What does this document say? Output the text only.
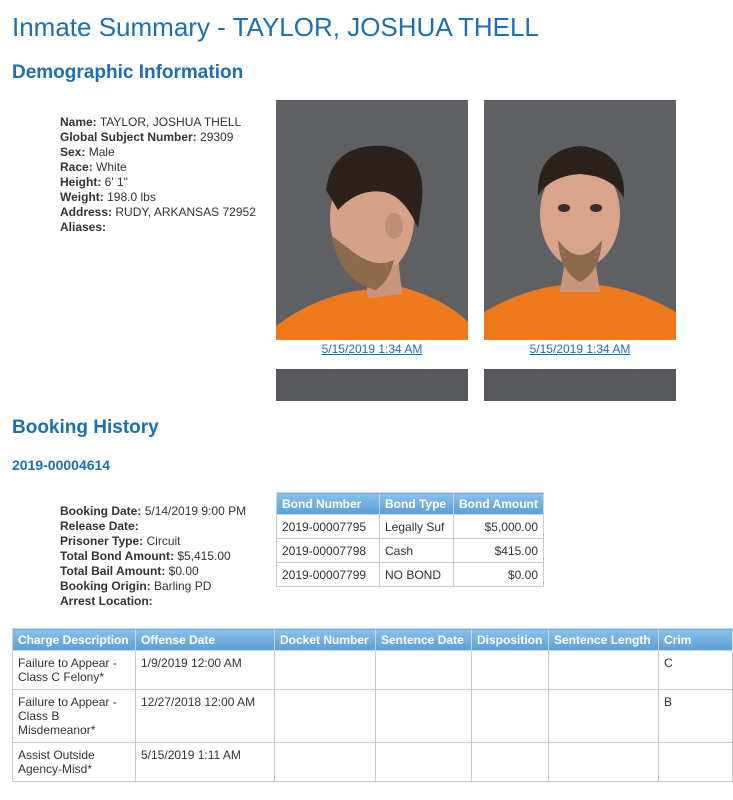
Inmate Summary - TAYLOR, JOSHUA THELL
Demographic Information
Name: TAYLOR, JOSHUA THELL
Global Subject Number: 29309
Sex: Male
Race: White
Height: 6' 1"
Weight: 198.0 lbs
Address: RUDY, ARKANSAS 72952
Aliases:
5/15/2019 1:34 AM	5/15/2019 1:34 AM
Booking History
2019-00004614
Booking Date: 5/14/2019 9:00 PM
Release Date:
Prisoner Type: Circuit
Total Bond Amount: $5,415.00
Total Bail Amount: $0.00
Booking Origin: Barling PD
Arrest Location:
Bond Number	Bond Type	Bond Amount
2019-00007795	Legally Suf	$5,000.00
2019-00007798	Cash	$415.00
2019-00007799	NO BOND	$0.00
Charge Description	Offense Date	Docket Number	Sentence Date	Disposition	Sentence Length	Crim
Failure to Appear - Class C Felony*	1/9/2019 12:00 AM					C
Failure to Appear - Class B Misdemeanor*	12/27/2018 12:00 AM					B
Assist Outside Agency-Misd*	5/15/2019 1:11 AM					
